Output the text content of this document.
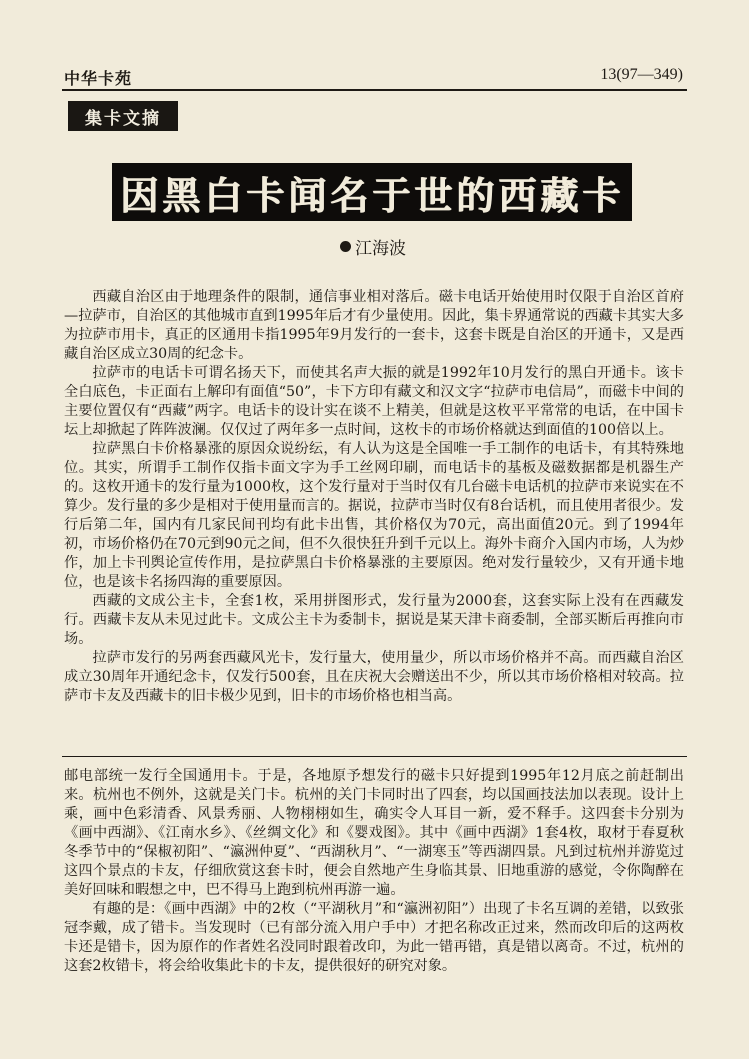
中华卡苑	13(97—349)
集卡文摘
因黑白卡闻名于世的西藏卡
江海波

西藏自治区由于地理条件的限制，通信事业相对落后。磁卡电话开始使用时仅限于自治区首府—拉萨市，自治区的其他城市直到1995年后才有少量使用。因此，集卡界通常说的西藏卡其实大多为拉萨市用卡，真正的区通用卡指1995年9月发行的一套卡，这套卡既是自治区的开通卡，又是西藏自治区成立30周的纪念卡。

拉萨市的电话卡可谓名扬天下，而使其名声大振的就是1992年10月发行的黑白开通卡。该卡全白底色，卡正面右上解印有面值“50”，卡下方印有藏文和汉文字“拉萨市电信局”，而磁卡中间的主要位置仅有“西藏”两字。电话卡的设计实在谈不上精美，但就是这枚平平常常的电话，在中国卡坛上却掀起了阵阵波澜。仅仅过了两年多一点时间，这枚卡的市场价格就达到面值的100倍以上。

拉萨黑白卡价格暴涨的原因众说纷纭，有人认为这是全国唯一手工制作的电话卡，有其特殊地位。其实，所谓手工制作仅指卡面文字为手工丝网印刷，而电话卡的基板及磁数据都是机器生产的。这枚开通卡的发行量为1000枚，这个发行量对于当时仅有几台磁卡电话机的拉萨市来说实在不算少。发行量的多少是相对于使用量而言的。据说，拉萨市当时仅有8台话机，而且使用者很少。发行后第二年，国内有几家民间刊均有此卡出售，其价格仅为70元，高出面值20元。到了1994年初，市场价格仍在70元到90元之间，但不久很快狂升到千元以上。海外卡商介入国内市场，人为炒作，加上卡刊舆论宣传作用，是拉萨黑白卡价格暴涨的主要原因。绝对发行量较少，又有开通卡地位，也是该卡名扬四海的重要原因。

西藏的文成公主卡，全套1枚，采用拼图形式，发行量为2000套，这套实际上没有在西藏发行。西藏卡友从未见过此卡。文成公主卡为委制卡，据说是某天津卡商委制，全部买断后再推向市场。

拉萨市发行的另两套西藏风光卡，发行量大，使用量少，所以市场价格并不高。而西藏自治区成立30周年开通纪念卡，仅发行500套，且在庆祝大会赠送出不少，所以其市场价格相对较高。拉萨市卡友及西藏卡的旧卡极少见到，旧卡的市场价格也相当高。

邮电部统一发行全国通用卡。于是，各地原予想发行的磁卡只好提到1995年12月底之前赶制出来。杭州也不例外，这就是关门卡。杭州的关门卡同时出了四套，均以国画技法加以表现。设计上乘，画中色彩清香、风景秀丽、人物栩栩如生，确实令人耳目一新，爱不释手。这四套卡分别为《画中西湖》、《江南水乡》、《丝绸文化》和《婴戏图》。其中《画中西湖》1套4枚，取材于春夏秋冬季节中的“保椒初阳”、“瀛洲仲夏”、“西湖秋月”、“一湖寒玉”等西湖四景。凡到过杭州并游览过这四个景点的卡友，仔细欣赏这套卡时，便会自然地产生身临其景、旧地重游的感觉，令你陶醉在美好回味和暇想之中，巴不得马上跑到杭州再游一遍。

有趣的是：《画中西湖》中的2枚（“平湖秋月”和“瀛洲初阳”）出现了卡名互调的差错，以致张冠李戴，成了错卡。当发现时（已有部分流入用户手中）才把名称改正过来，然而改印后的这两枚卡还是错卡，因为原作的作者姓名没同时跟着改印，为此一错再错，真是错以离奇。不过，杭州的这套2枚错卡，将会给收集此卡的卡友，提供很好的研究对象。
